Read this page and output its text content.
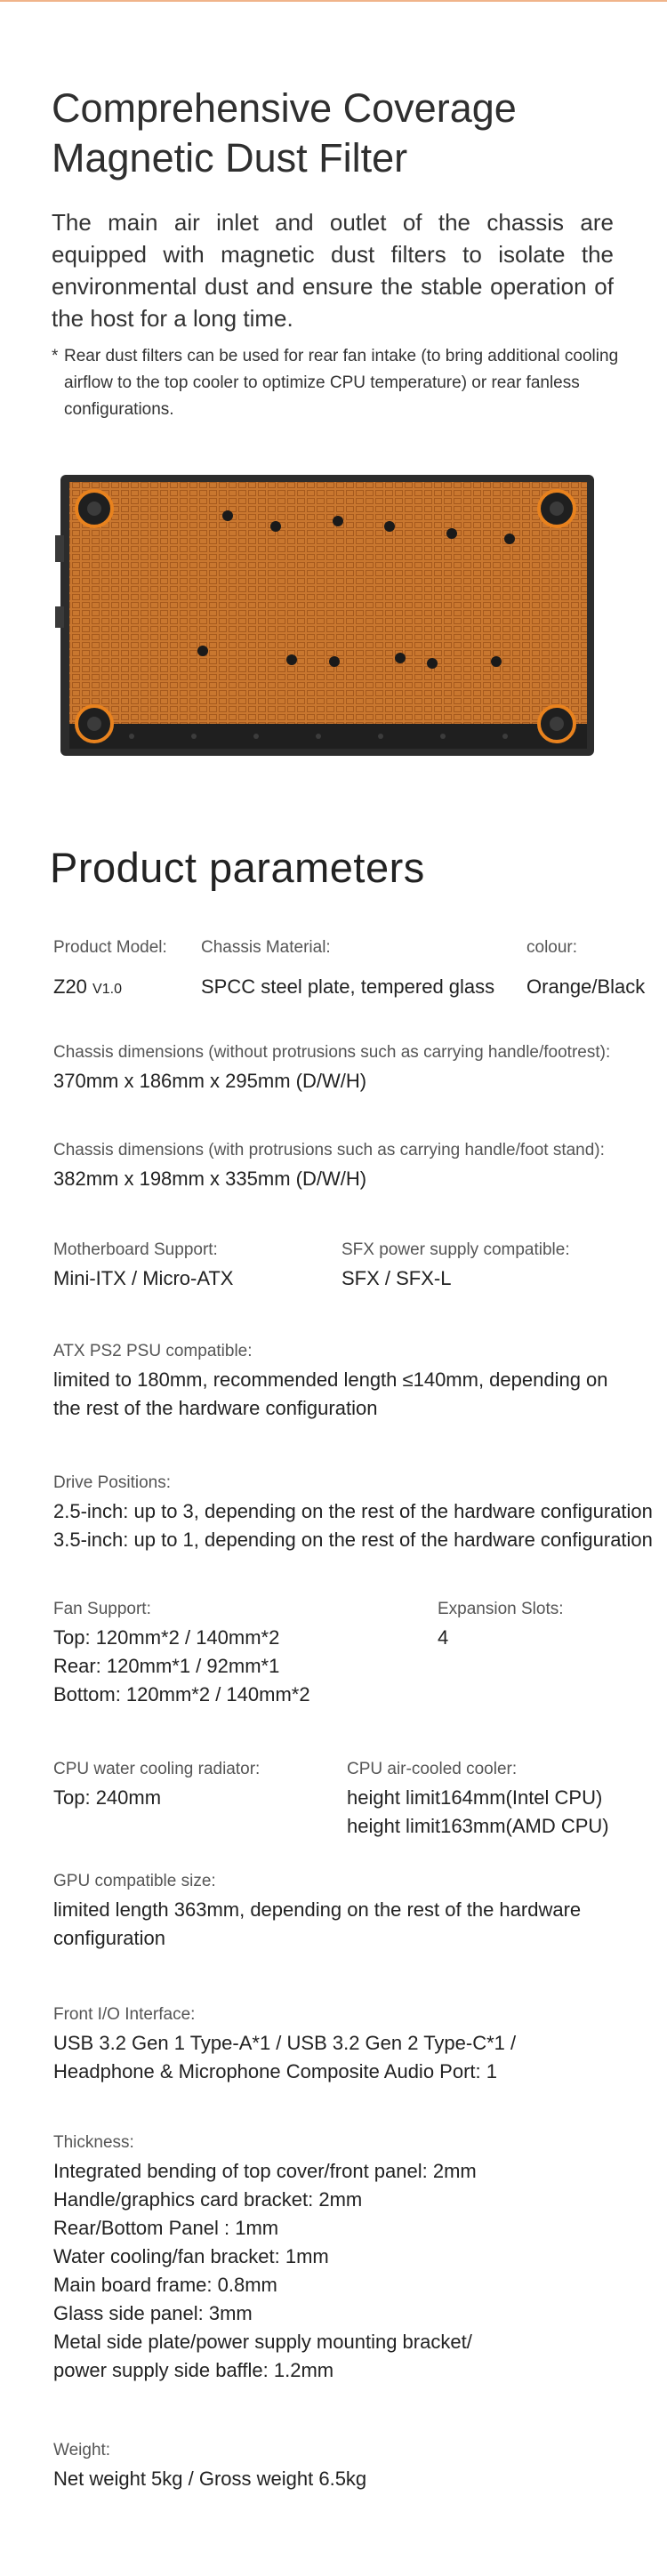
Comprehensive Coverage
Magnetic Dust Filter
The main air inlet and outlet of the chassis are equipped with magnetic dust filters to isolate the environmental dust and ensure the stable operation of the host for a long time.
* Rear dust filters can be used for rear fan intake (to bring additional cooling airflow to the top cooler to optimize CPU temperature) or rear fanless configurations.
Product parameters
Product Model:
Z20 V1.0
Chassis Material:
SPCC steel plate, tempered glass
colour:
Orange/Black
Chassis dimensions (without protrusions such as carrying handle/footrest):
370mm x 186mm x 295mm (D/W/H)
Chassis dimensions (with protrusions such as carrying handle/foot stand):
382mm x 198mm x 335mm (D/W/H)
Motherboard Support:
Mini-ITX / Micro-ATX
SFX power supply compatible:
SFX / SFX-L
ATX PS2 PSU compatible:
limited to 180mm, recommended length ≤140mm, depending on the rest of the hardware configuration
Drive Positions:
2.5-inch: up to 3, depending on the rest of the hardware configuration
3.5-inch: up to 1, depending on the rest of the hardware configuration
Fan Support:
Top: 120mm*2 / 140mm*2
Rear: 120mm*1 / 92mm*1
Bottom: 120mm*2 / 140mm*2
Expansion Slots:
4
CPU water cooling radiator:
Top: 240mm
CPU air-cooled cooler:
height limit164mm(Intel CPU)
height limit163mm(AMD CPU)
GPU compatible size:
limited length 363mm, depending on the rest of the hardware configuration
Front I/O Interface:
USB 3.2 Gen 1 Type-A*1 / USB 3.2 Gen 2 Type-C*1 /
Headphone & Microphone Composite Audio Port: 1
Thickness:
Integrated bending of top cover/front panel: 2mm
Handle/graphics card bracket: 2mm
Rear/Bottom Panel : 1mm
Water cooling/fan bracket: 1mm
Main board frame: 0.8mm
Glass side panel: 3mm
Metal side plate/power supply mounting bracket/
power supply side baffle: 1.2mm
Weight:
Net weight 5kg / Gross weight 6.5kg
